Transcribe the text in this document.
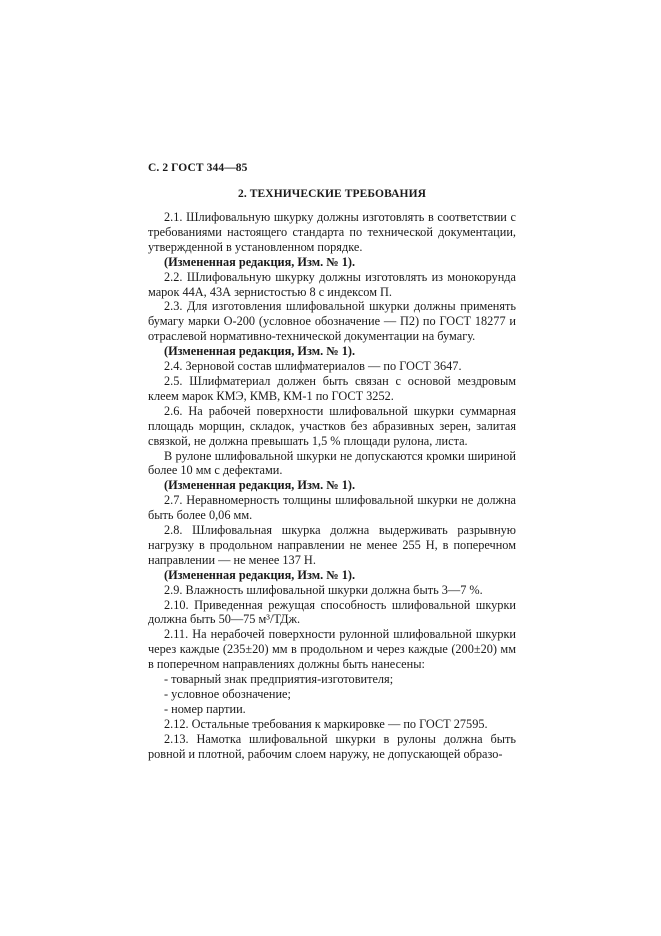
С. 2 ГОСТ 344—85
2. ТЕХНИЧЕСКИЕ ТРЕБОВАНИЯ
2.1. Шлифовальную шкурку должны изготовлять в соответствии с требованиями настоящего стандарта по технической документации, утвержденной в установленном порядке.
(Измененная редакция, Изм. № 1).
2.2. Шлифовальную шкурку должны изготовлять из монокорунда марок 44А, 43А зернистостью 8 с индексом П.
2.3. Для изготовления шлифовальной шкурки должны применять бумагу марки О-200 (условное обозначение — П2) по ГОСТ 18277 и отраслевой нормативно-технической документации на бумагу.
(Измененная редакция, Изм. № 1).
2.4. Зерновой состав шлифматериалов — по ГОСТ 3647.
2.5. Шлифматериал должен быть связан с основой мездровым клеем марок КМЭ, КМВ, КМ-1 по ГОСТ 3252.
2.6. На рабочей поверхности шлифовальной шкурки суммарная площадь морщин, складок, участков без абразивных зерен, залитая связкой, не должна превышать 1,5 % площади рулона, листа.
В рулоне шлифовальной шкурки не допускаются кромки шириной более 10 мм с дефектами.
(Измененная редакция, Изм. № 1).
2.7. Неравномерность толщины шлифовальной шкурки не должна быть более 0,06 мм.
2.8. Шлифовальная шкурка должна выдерживать разрывную нагрузку в продольном направлении не менее 255 Н, в поперечном направлении — не менее 137 Н.
(Измененная редакция, Изм. № 1).
2.9. Влажность шлифовальной шкурки должна быть 3—7 %.
2.10. Приведенная режущая способность шлифовальной шкурки должна быть 50—75 м³/ТДж.
2.11. На нерабочей поверхности рулонной шлифовальной шкурки через каждые (235±20) мм в продольном и через каждые (200±20) мм в поперечном направлениях должны быть нанесены:
- товарный знак предприятия-изготовителя;
- условное обозначение;
- номер партии.
2.12. Остальные требования к маркировке — по ГОСТ 27595.
2.13. Намотка шлифовальной шкурки в рулоны должна быть ровной и плотной, рабочим слоем наружу, не допускающей образо-
